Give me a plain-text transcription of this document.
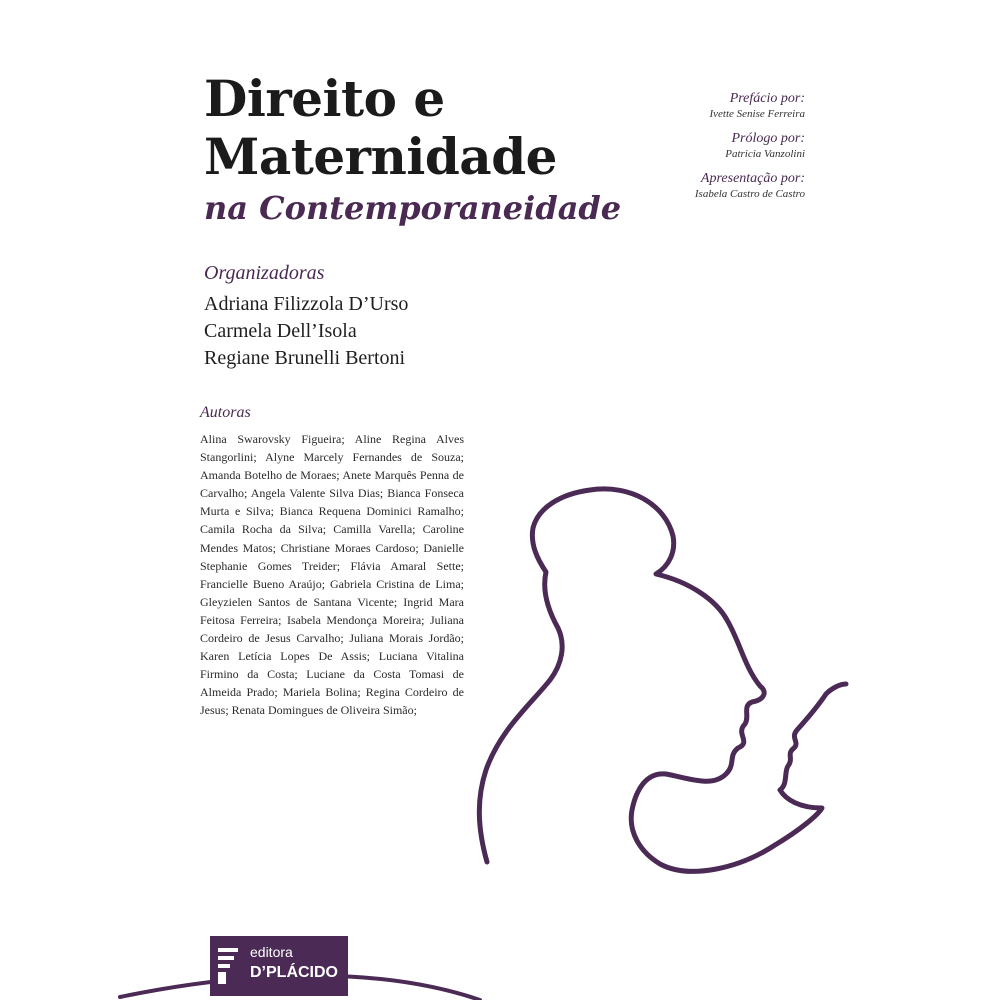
Direito e
Maternidade
na Contemporaneidade
Prefácio por:
Ivette Senise Ferreira
Prólogo por:
Patricia Vanzolini
Apresentação por:
Isabela Castro de Castro
Organizadoras
Adriana Filizzola D’Urso
Carmela Dell’Isola
Regiane Brunelli Bertoni
Autoras
Alina Swarovsky Figueira; Aline Regina Alves Stangorlini; Alyne Marcely Fernandes de Souza; Amanda Botelho de Moraes; Anete Marquês Penna de Carvalho; Angela Valente Silva Dias; Bianca Fonseca Murta e Silva; Bianca Requena Dominici Ramalho; Camila Rocha da Silva; Camilla Varella; Caroline Mendes Matos; Christiane Moraes Cardoso; Danielle Stephanie Gomes Treider; Flávia Amaral Sette; Francielle Bueno Araújo; Gabriela Cristina de Lima; Gleyzielen Santos de Santana Vicente; Ingrid Mara Feitosa Ferreira; Isabela Mendonça Moreira; Juliana Cordeiro de Jesus Carvalho; Juliana Morais Jordão; Karen Letícia Lopes De Assis; Luciana Vitalina Firmino da Costa; Luciane da Costa Tomasi de Almeida Prado; Mariela Bolina; Regina Cordeiro de Jesus; Renata Domingues de Oliveira Simão;
editora
D’PLÁCIDO
